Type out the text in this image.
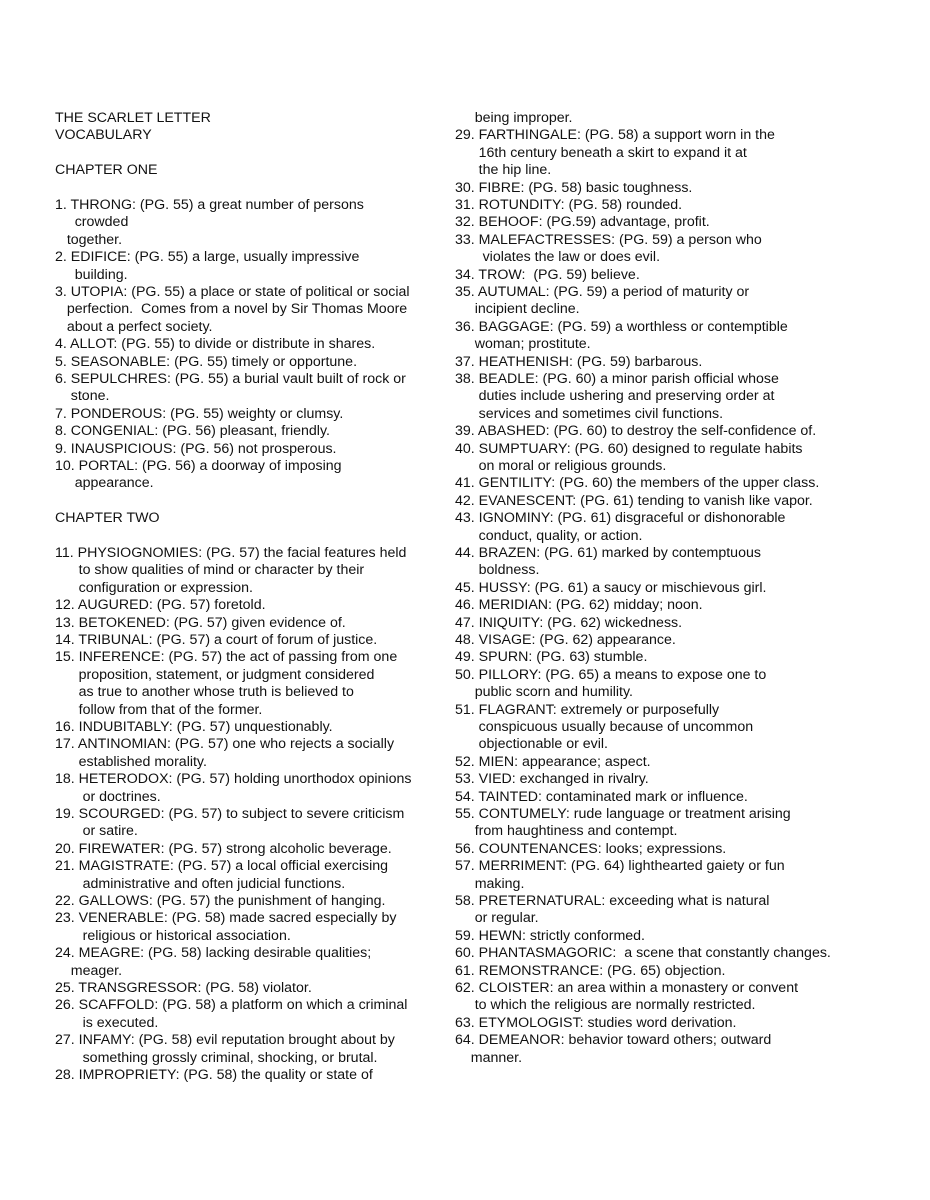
THE SCARLET LETTER
VOCABULARY
CHAPTER ONE
1. THRONG: (PG. 55) a great number of persons
crowded
together.
2. EDIFICE: (PG. 55) a large, usually impressive
building.
3. UTOPIA: (PG. 55) a place or state of political or social
perfection.  Comes from a novel by Sir Thomas Moore
about a perfect society.
4. ALLOT: (PG. 55) to divide or distribute in shares.
5. SEASONABLE: (PG. 55) timely or opportune.
6. SEPULCHRES: (PG. 55) a burial vault built of rock or
stone.
7. PONDEROUS: (PG. 55) weighty or clumsy.
8. CONGENIAL: (PG. 56) pleasant, friendly.
9. INAUSPICIOUS: (PG. 56) not prosperous.
10. PORTAL: (PG. 56) a doorway of imposing
appearance.
CHAPTER TWO
11. PHYSIOGNOMIES: (PG. 57) the facial features held
to show qualities of mind or character by their
configuration or expression.
12. AUGURED: (PG. 57) foretold.
13. BETOKENED: (PG. 57) given evidence of.
14. TRIBUNAL: (PG. 57) a court of forum of justice.
15. INFERENCE: (PG. 57) the act of passing from one
proposition, statement, or judgment considered
as true to another whose truth is believed to
follow from that of the former.
16. INDUBITABLY: (PG. 57) unquestionably.
17. ANTINOMIAN: (PG. 57) one who rejects a socially
established morality.
18. HETERODOX: (PG. 57) holding unorthodox opinions
or doctrines.
19. SCOURGED: (PG. 57) to subject to severe criticism
or satire.
20. FIREWATER: (PG. 57) strong alcoholic beverage.
21. MAGISTRATE: (PG. 57) a local official exercising
administrative and often judicial functions.
22. GALLOWS: (PG. 57) the punishment of hanging.
23. VENERABLE: (PG. 58) made sacred especially by
religious or historical association.
24. MEAGRE: (PG. 58) lacking desirable qualities;
meager.
25. TRANSGRESSOR: (PG. 58) violator.
26. SCAFFOLD: (PG. 58) a platform on which a criminal
is executed.
27. INFAMY: (PG. 58) evil reputation brought about by
something grossly criminal, shocking, or brutal.
28. IMPROPRIETY: (PG. 58) the quality or state of
being improper.
29. FARTHINGALE: (PG. 58) a support worn in the
16th century beneath a skirt to expand it at
the hip line.
30. FIBRE: (PG. 58) basic toughness.
31. ROTUNDITY: (PG. 58) rounded.
32. BEHOOF: (PG.59) advantage, profit.
33. MALEFACTRESSES: (PG. 59) a person who
violates the law or does evil.
34. TROW:  (PG. 59) believe.
35. AUTUMAL: (PG. 59) a period of maturity or
incipient decline.
36. BAGGAGE: (PG. 59) a worthless or contemptible
woman; prostitute.
37. HEATHENISH: (PG. 59) barbarous.
38. BEADLE: (PG. 60) a minor parish official whose
duties include ushering and preserving order at
services and sometimes civil functions.
39. ABASHED: (PG. 60) to destroy the self-confidence of.
40. SUMPTUARY: (PG. 60) designed to regulate habits
on moral or religious grounds.
41. GENTILITY: (PG. 60) the members of the upper class.
42. EVANESCENT: (PG. 61) tending to vanish like vapor.
43. IGNOMINY: (PG. 61) disgraceful or dishonorable
conduct, quality, or action.
44. BRAZEN: (PG. 61) marked by contemptuous
boldness.
45. HUSSY: (PG. 61) a saucy or mischievous girl.
46. MERIDIAN: (PG. 62) midday; noon.
47. INIQUITY: (PG. 62) wickedness.
48. VISAGE: (PG. 62) appearance.
49. SPURN: (PG. 63) stumble.
50. PILLORY: (PG. 65) a means to expose one to
public scorn and humility.
51. FLAGRANT: extremely or purposefully
conspicuous usually because of uncommon
objectionable or evil.
52. MIEN: appearance; aspect.
53. VIED: exchanged in rivalry.
54. TAINTED: contaminated mark or influence.
55. CONTUMELY: rude language or treatment arising
from haughtiness and contempt.
56. COUNTENANCES: looks; expressions.
57. MERRIMENT: (PG. 64) lighthearted gaiety or fun
making.
58. PRETERNATURAL: exceeding what is natural
or regular.
59. HEWN: strictly conformed.
60. PHANTASMAGORIC:  a scene that constantly changes.
61. REMONSTRANCE: (PG. 65) objection.
62. CLOISTER: an area within a monastery or convent
to which the religious are normally restricted.
63. ETYMOLOGIST: studies word derivation.
64. DEMEANOR: behavior toward others; outward
manner.
